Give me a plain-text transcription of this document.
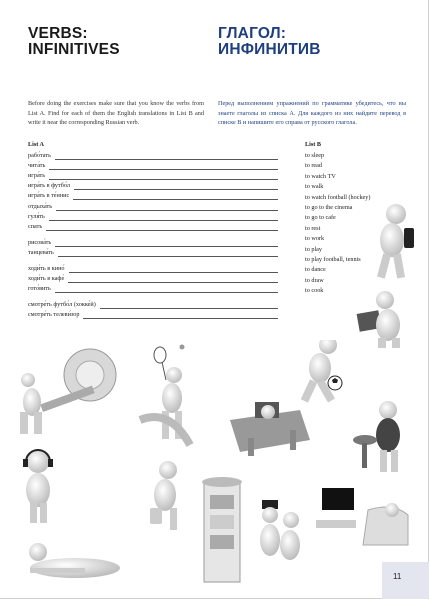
VERBS:
INFINITIVES
ГЛАГОЛ:
ИНФИНИТИВ
Before doing the exercises make sure that you know the verbs from List A. Find for each of them the English translations in List B and write it near the corresponding Russian verb.
Перед выполнением упражнений по грамматике убедитесь, что вы знаете глаголы из списка А. Для каждого из них найдите перевод в списке В и напишите его справа от русского глагола.
List A	List B
рабо́тать
чита́ть
игра́ть
игра́ть в футбо́л
игра́ть в те́ннис
отдыха́ть
гуля́ть
спать
рисова́ть
танцева́ть
ходи́ть в кино́
ходи́ть в кафе́
гото́вить
смотре́ть футбо́л (хокке́й)
смотре́ть телеви́зор
to sleep
to read
to watch TV
to walk
to watch football (hockey)
to go to the cinema
to go to cafe
to rest
to work
to play
to play football, tennis
to dance
to draw
to cook
11
